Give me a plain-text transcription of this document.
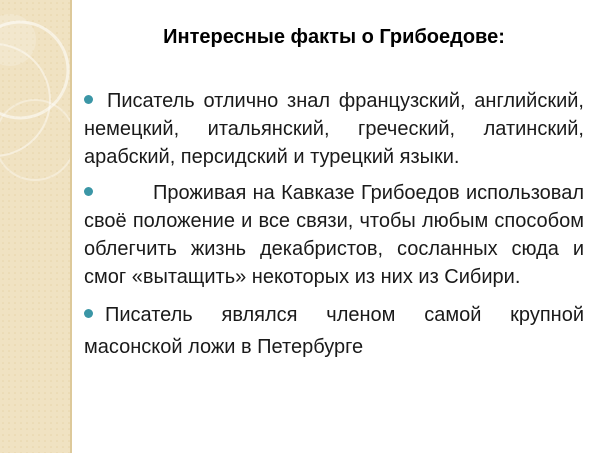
Интересные факты о Грибоедове:
Писатель отлично знал французский, английский, немецкий, итальянский, греческий, латинский, арабский, персидский и турецкий языки.
Проживая на Кавказе Грибоедов использовал своё положение и все связи, чтобы любым способом облегчить жизнь декабристов, сосланных сюда и смог «вытащить» некоторых из них из Сибири.
Писатель являлся членом самой крупной масонской ложи в Петербурге
